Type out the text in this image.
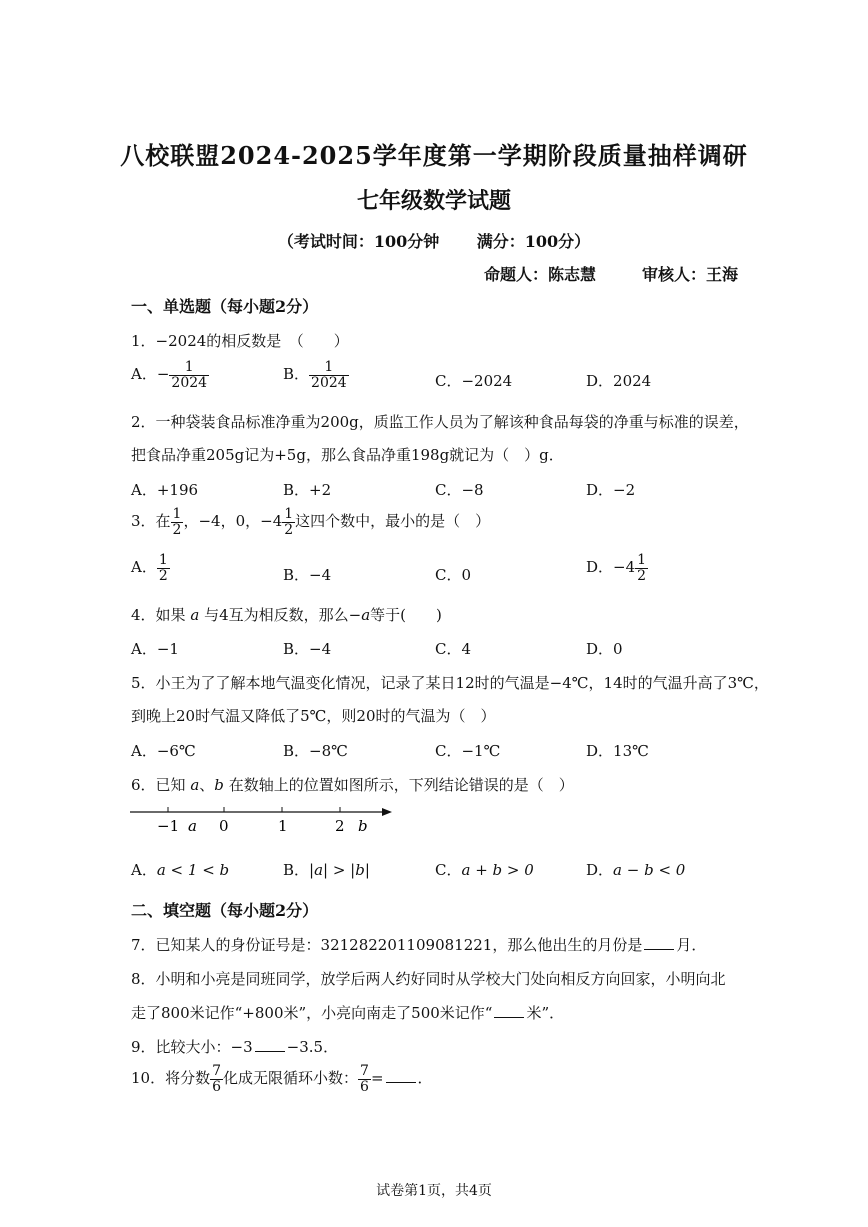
八校联盟2024-2025学年度第一学期阶段质量抽样调研
七年级数学试题
（考试时间：100分钟　　 满分：100分）
命题人：陈志慧	审核人：王海
一、单选题（每小题2分）
1．−2024的相反数是　（　　）
A．− $\frac{1}{2024}$	B． $\frac{1}{2024}$	C．−2024	D．2024
2．一种袋装食品标准净重为200g，质监工作人员为了解该种食品每袋的净重与标准的误差，
把食品净重205g记为+5g，那么食品净重198g就记为（　）g．
A．+196	B．+2	C．−8	D．−2
3．在 $\frac{1}{2}$ ，−4，0，$-4 \frac{1}{2}$ 这四个数中，最小的是（　）
A． $\frac{1}{2}$	B．−4	C．0	D．$-4 \frac{1}{2}$
4．如果 a 与4互为相反数，那么−a等于(　　)
A．−1	B．−4	C．4	D．0
5．小王为了了解本地气温变化情况，记录了某日12时的气温是−4℃，14时的气温升高了3℃，
到晚上20时气温又降低了5℃，则20时的气温为（　）
A．−6℃	B．−8℃	C．−1℃	D．13℃
6．已知 a、b 在数轴上的位置如图所示，下列结论错误的是（　）
−1 a 0	1	2 b
A．a < 1 < b	B．|a| > |b|	C．a + b > 0	D．a − b < 0
二、填空题（每小题2分）
7．已知某人的身份证号是：321282201109081221，那么他出生的月份是 月．
8．小明和小亮是同班同学，放学后两人约好同时从学校大门处向相反方向回家，小明向北
走了800米记作“+800米”，小亮向南走了500米记作“ 米”．
9．比较大小：−3 −3.5．
10．将分数 $\frac{7}{6}$ 化成无限循环小数： $\frac{7}{6}$ = ．
试卷第1页，共4页
